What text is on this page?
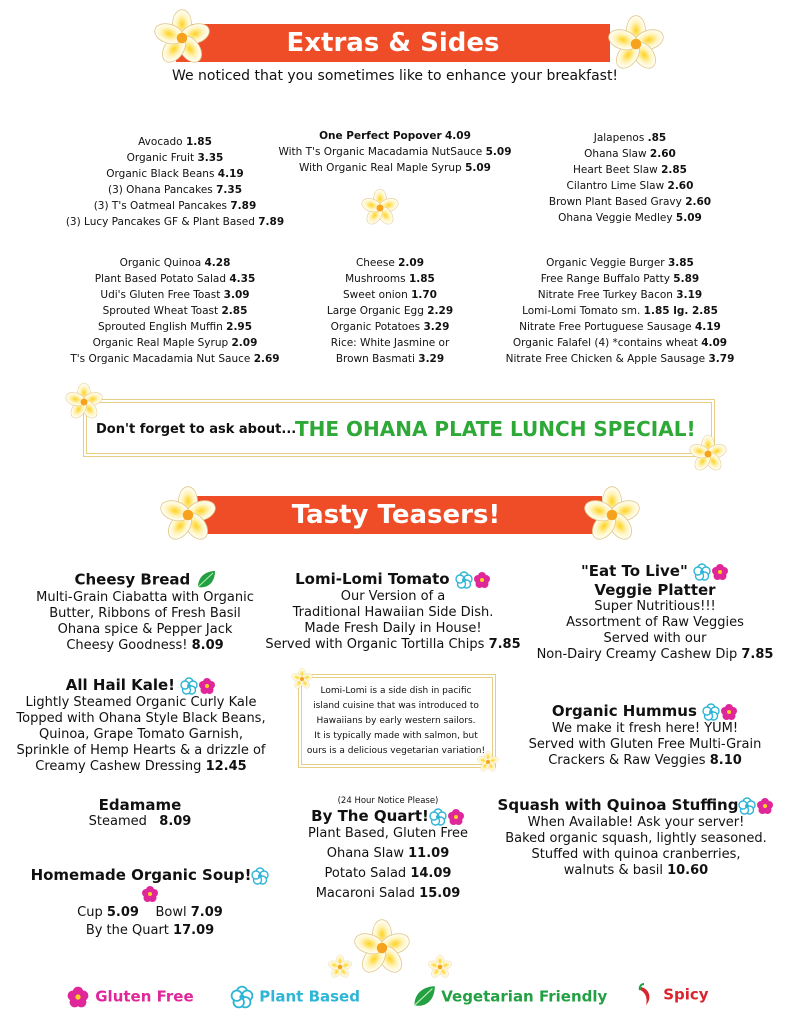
Extras & Sides
We noticed that you sometimes like to enhance your breakfast!
Avocado 1.85
Organic Fruit 3.35
Organic Black Beans 4.19
(3) Ohana Pancakes 7.35
(3) T's Oatmeal Pancakes 7.89
(3) Lucy Pancakes GF & Plant Based 7.89
One Perfect Popover 4.09
With T's Organic Macadamia NutSauce 5.09
With Organic Real Maple Syrup 5.09
Jalapenos .85
Ohana Slaw 2.60
Heart Beet Slaw 2.85
Cilantro Lime Slaw 2.60
Brown Plant Based Gravy 2.60
Ohana Veggie Medley 5.09
Organic Quinoa 4.28
Plant Based Potato Salad 4.35
Udi's Gluten Free Toast 3.09
Sprouted Wheat Toast 2.85
Sprouted English Muffin 2.95
Organic Real Maple Syrup 2.09
T's Organic Macadamia Nut Sauce 2.69
Cheese 2.09
Mushrooms 1.85
Sweet onion 1.70
Large Organic Egg 2.29
Organic Potatoes 3.29
Rice: White Jasmine or
Brown Basmati 3.29
Organic Veggie Burger 3.85
Free Range Buffalo Patty 5.89
Nitrate Free Turkey Bacon 3.19
Lomi-Lomi Tomato sm. 1.85 lg. 2.85
Nitrate Free Portuguese Sausage 4.19
Organic Falafel (4) *contains wheat 4.09
Nitrate Free Chicken & Apple Sausage 3.79
Don't forget to ask about...
THE OHANA PLATE LUNCH SPECIAL!
Tasty Teasers!
Cheesy Bread
Multi-Grain Ciabatta with Organic
Butter, Ribbons of Fresh Basil
Ohana spice & Pepper Jack
Cheesy Goodness! 8.09
Lomi-Lomi Tomato
Our Version of a
Traditional Hawaiian Side Dish.
Made Fresh Daily in House!
Served with Organic Tortilla Chips 7.85
"Eat To Live"
Veggie Platter
Super Nutritious!!!
Assortment of Raw Veggies
Served with our
Non-Dairy Creamy Cashew Dip 7.85
All Hail Kale!
Lightly Steamed Organic Curly Kale
Topped with Ohana Style Black Beans,
Quinoa, Grape Tomato Garnish,
Sprinkle of Hemp Hearts & a drizzle of
Creamy Cashew Dressing 12.45
Lomi-Lomi is a side dish in pacific
island cuisine that was introduced to
Hawaiians by early western sailors.
It is typically made with salmon, but
ours is a delicious vegetarian variation!
Organic Hummus
We make it fresh here! YUM!
Served with Gluten Free Multi-Grain
Crackers & Raw Veggies 8.10
Edamame
Steamed 8.09
(24 Hour Notice Please)
By The Quart!
Plant Based, Gluten Free
Ohana Slaw 11.09
Potato Salad 14.09
Macaroni Salad 15.09
Squash with Quinoa Stuffing
When Available! Ask your server!
Baked organic squash, lightly seasoned.
Stuffed with quinoa cranberries,
walnuts & basil 10.60
Homemade Organic Soup!
Cup 5.09 Bowl 7.09
By the Quart 17.09
Gluten Free	Plant Based	Vegetarian Friendly	Spicy
